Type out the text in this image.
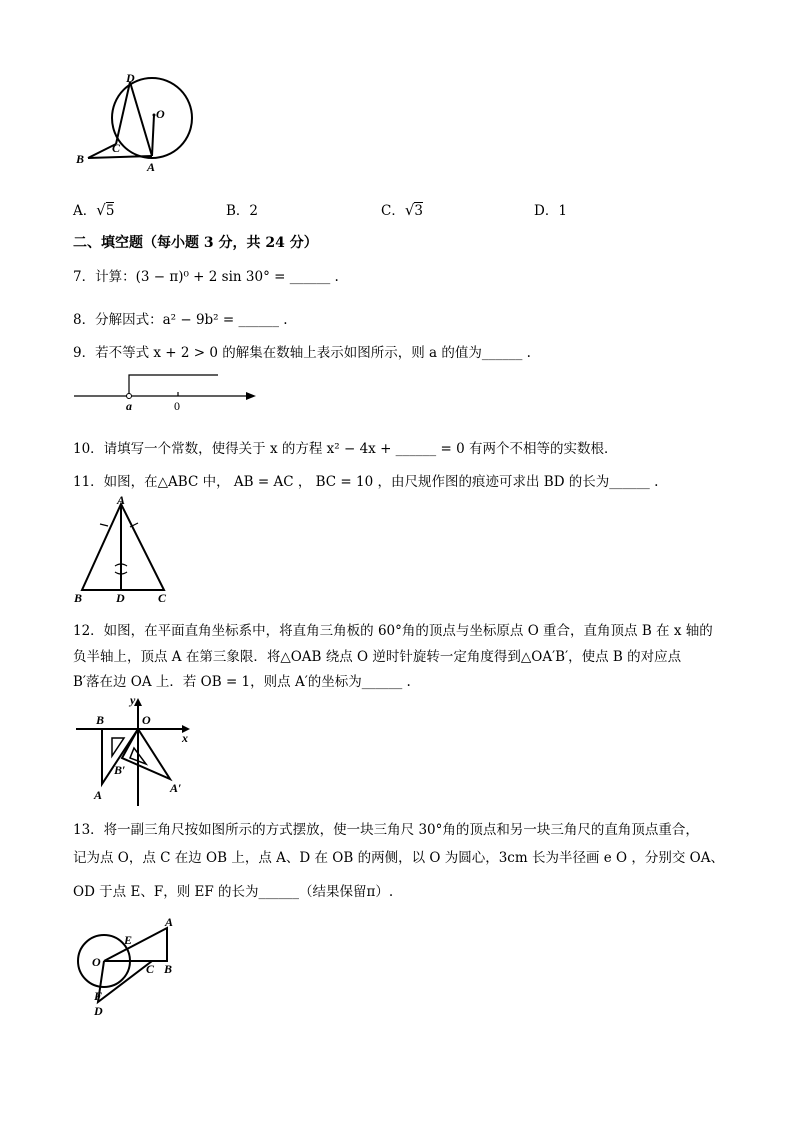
D
O
C
B
A
A．√5	B．2	C．√3	D．1
二、填空题（每小题 3 分，共 24 分）
7．计算：(3 − π)⁰ + 2 sin 30° = ______ .
8．分解因式：a² − 9b² = ______ .
9．若不等式 x + 2 > 0 的解集在数轴上表示如图所示，则 a 的值为______ .
a	0
10．请填写一个常数，使得关于 x 的方程 x² − 4x + ______ = 0 有两个不相等的实数根．
11．如图，在△ABC 中， AB = AC ， BC = 10 ，由尺规作图的痕迹可求出 BD 的长为______ .
A
B	D	C
12．如图，在平面直角坐标系中，将直角三角板的 60°角的顶点与坐标原点 O 重合，直角顶点 B 在 x 轴的
负半轴上，顶点 A 在第三象限．将△OAB 绕点 O 逆时针旋转一定角度得到△OA′B′，使点 B 的对应点
B′落在边 OA 上．若 OB = 1，则点 A′的坐标为______ .
B	O
y
x
B′
A	A′
13．将一副三角尺按如图所示的方式摆放，使一块三角尺 30°角的顶点和另一块三角尺的直角顶点重合，
记为点 O，点 C 在边 OB 上，点 A、D 在 OB 的两侧，以 O 为圆心，3cm 长为半径画 e O ，分别交 OA、
OD 于点 E、F，则 EF 的长为______（结果保留π）.
A
E
O	C B
F
D
